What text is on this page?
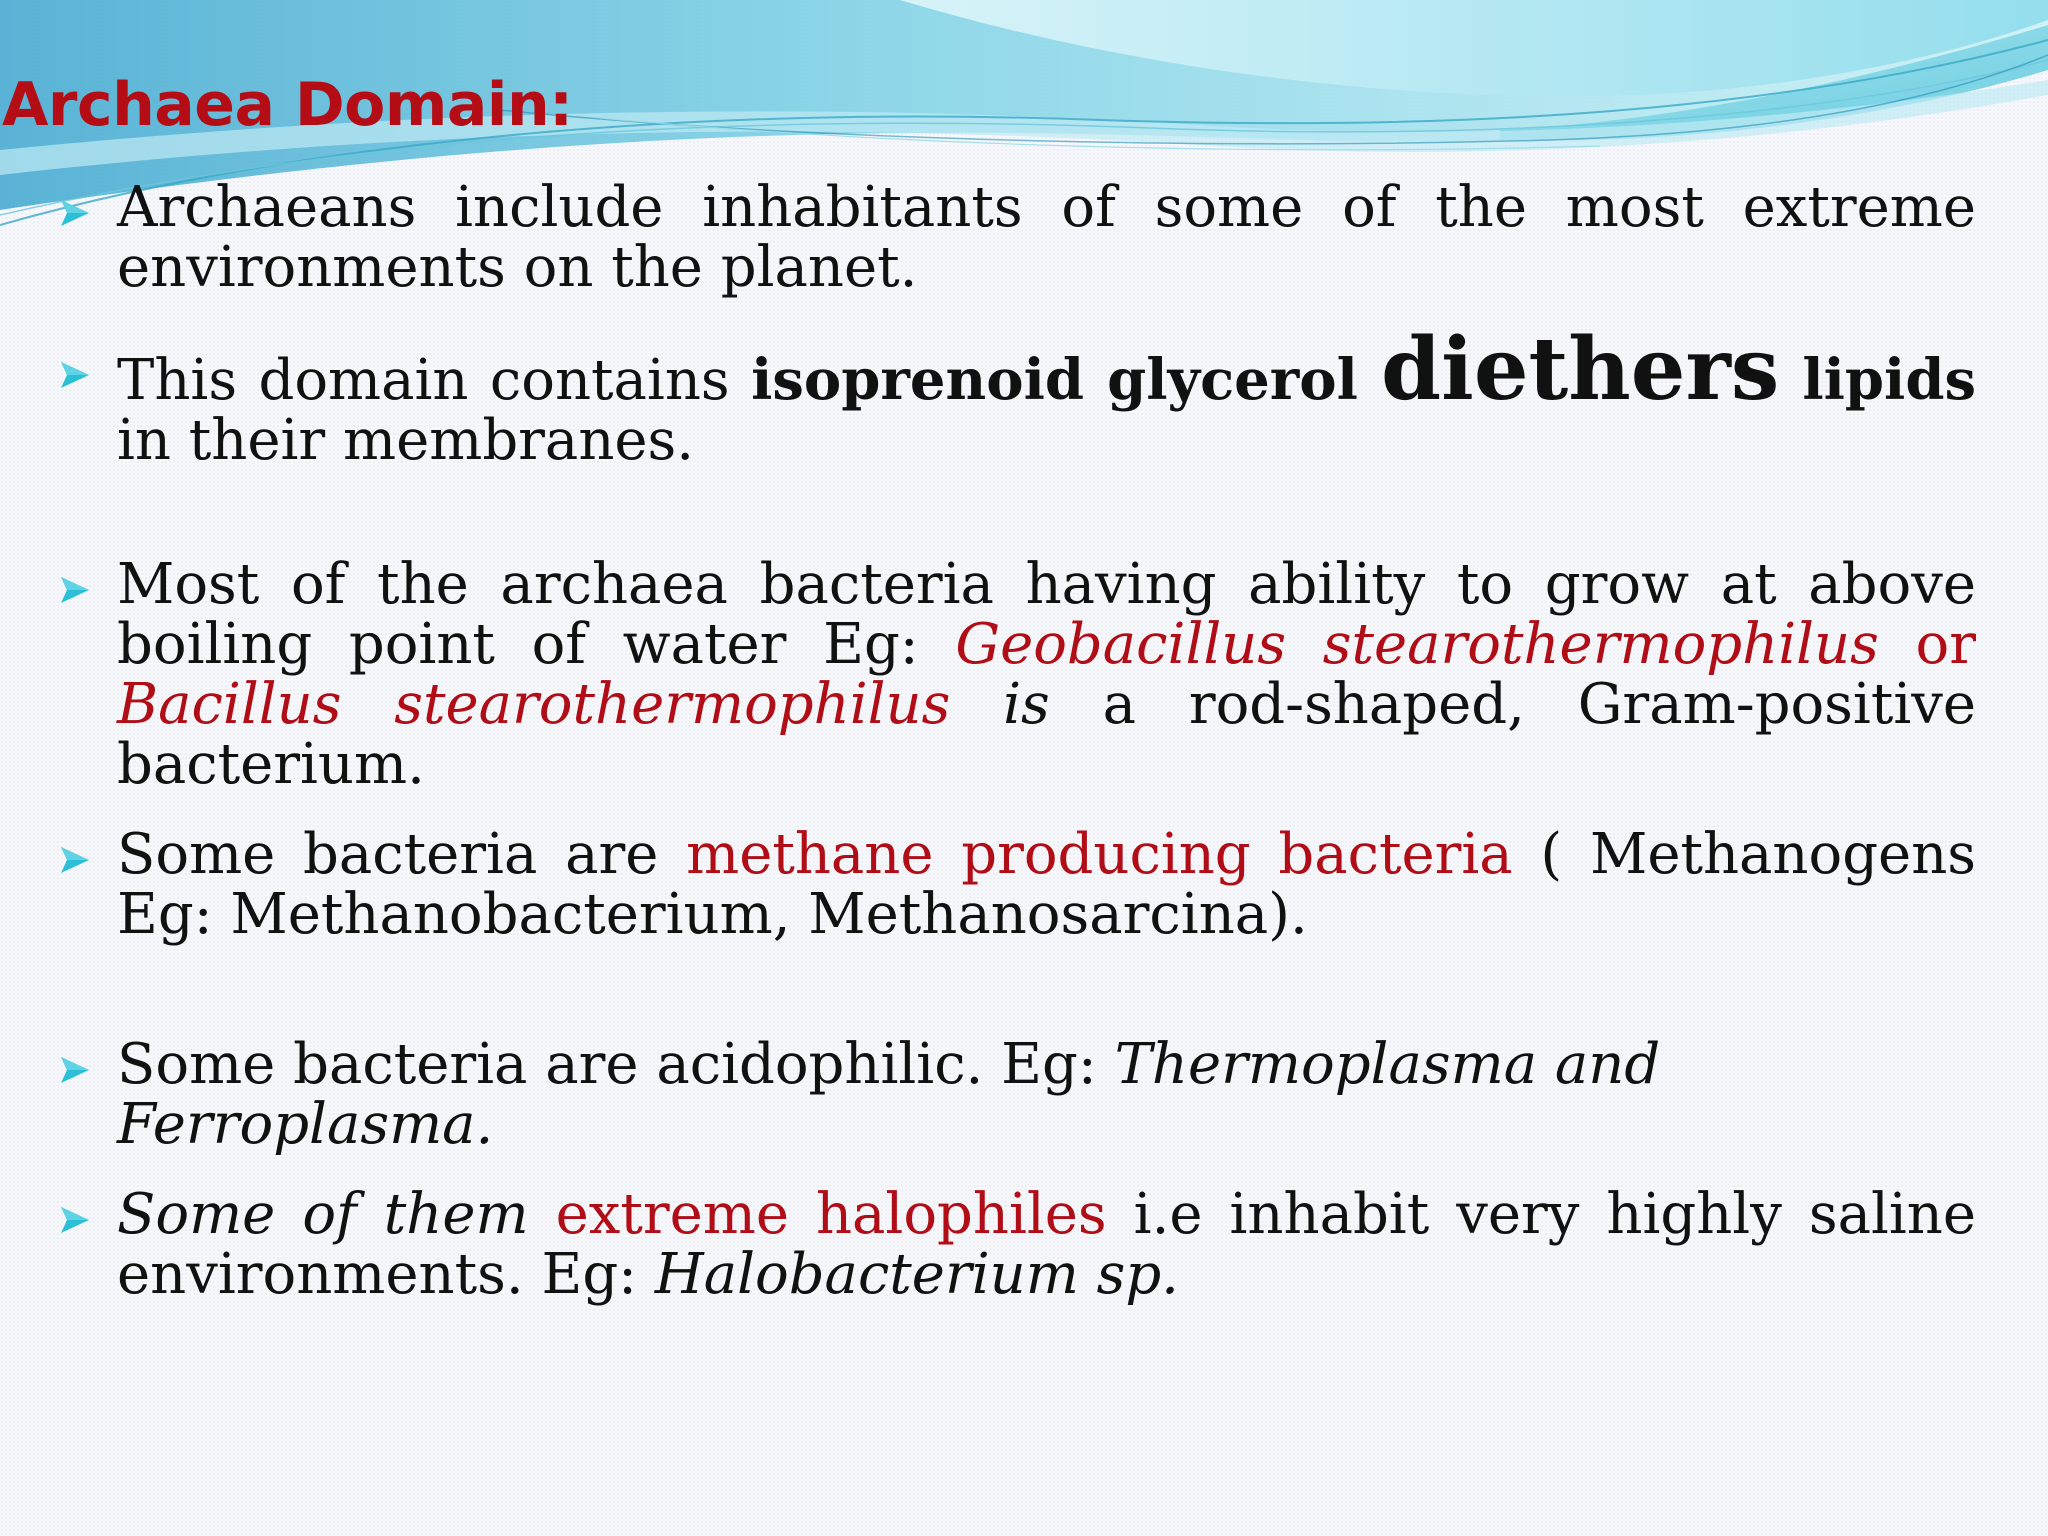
Archaea Domain:
Archaeans include inhabitants of some of the most extreme environments on the planet.
This domain contains isoprenoid glycerol diethers lipids in their membranes.
Most of the archaea bacteria having ability to grow at above boiling point of water Eg: Geobacillus stearothermophilus or Bacillus stearothermophilus is a rod-shaped, Gram-positive bacterium.
Some bacteria are methane producing bacteria ( Methanogens Eg: Methanobacterium, Methanosarcina).
Some bacteria are acidophilic. Eg: Thermoplasma and Ferroplasma.
Some of them extreme halophiles i.e inhabit very highly saline environments. Eg: Halobacterium sp.
